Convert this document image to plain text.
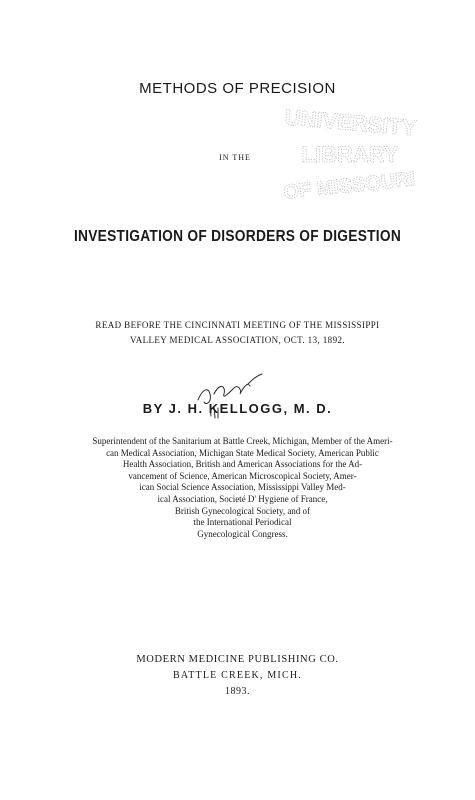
UNIVERSITY
LIBRARY
OF MISSOURI
METHODS OF PRECISION
IN THE
INVESTIGATION OF DISORDERS OF DIGESTION
READ BEFORE THE CINCINNATI MEETING OF THE MISSISSIPPI
VALLEY MEDICAL ASSOCIATION, OCT. 13, 1892.
BY J. H. KELLOGG, M. D.
Superintendent of the Sanitarium at Battle Creek, Michigan, Member of the Ameri-
can Medical Association, Michigan State Medical Society, American Public
Health Association, British and American Associations for the Ad-
vancement of Science, American Microscopical Society, Amer-
ican Social Science Association, Mississippi Valley Med-
ical Association, Societé D' Hygiene of France,
British Gynecological Society, and of
the International Periodical
Gynecological Congress.
MODERN MEDICINE PUBLISHING CO.
BATTLE CREEK, MICH.
1893.
